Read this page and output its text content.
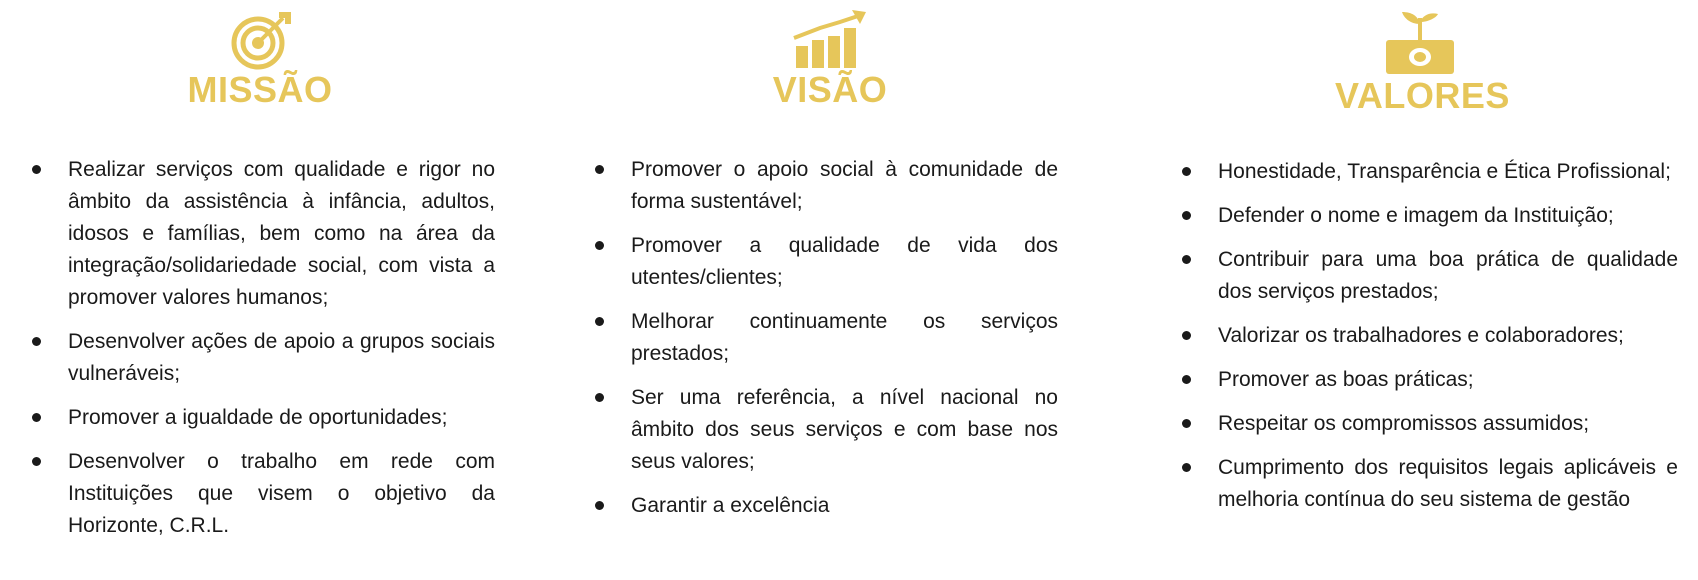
MISSÃO
Realizar serviços com qualidade e rigor no âmbito da assistência à infância, adultos, idosos e famílias, bem como na área da integração/solidariedade social, com vista a promover valores humanos;
Desenvolver ações de apoio a grupos sociais vulneráveis;
Promover a igualdade de oportunidades;
Desenvolver o trabalho em rede com Instituições que visem o objetivo da Horizonte, C.R.L.
VISÃO
Promover o apoio social à comunidade de forma sustentável;
Promover a qualidade de vida dos utentes/clientes;
Melhorar continuamente os serviços prestados;
Ser uma referência, a nível nacional no âmbito dos seus serviços e com base nos seus valores;
Garantir a excelência
VALORES
Honestidade, Transparência e Ética Profissional;
Defender o nome e imagem da Instituição;
Contribuir para uma boa prática de qualidade dos serviços prestados;
Valorizar os trabalhadores e colaboradores;
Promover as boas práticas;
Respeitar os compromissos assumidos;
Cumprimento dos requisitos legais aplicáveis e melhoria contínua do seu sistema de gestão
